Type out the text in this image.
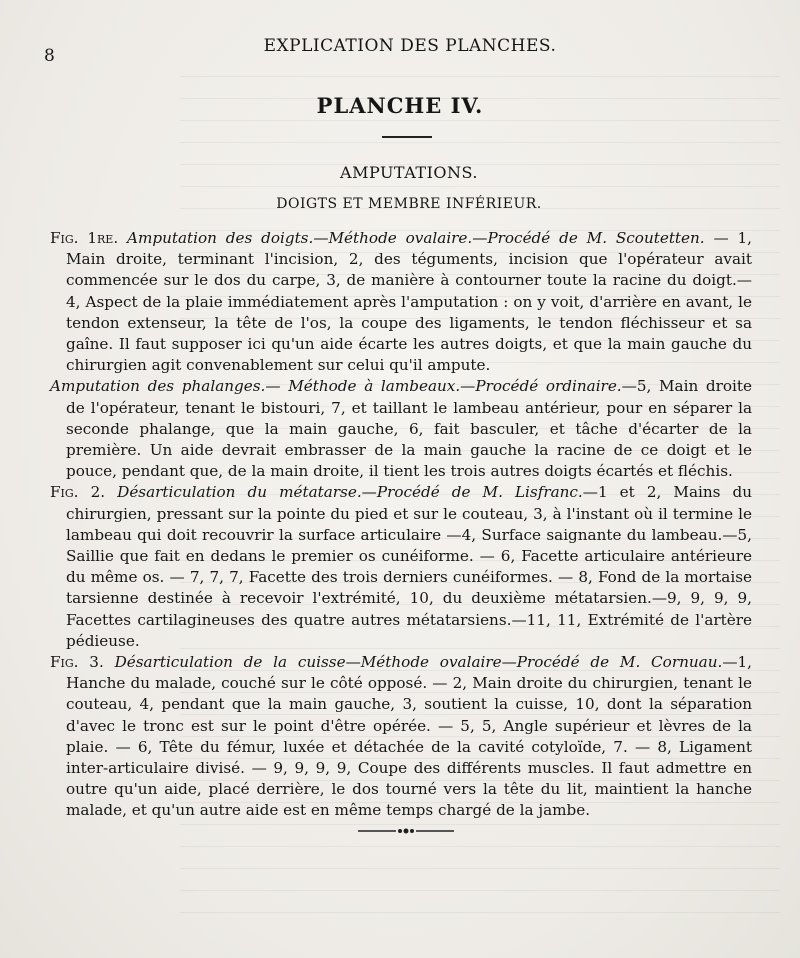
8	EXPLICATION DES PLANCHES.
PLANCHE IV.
AMPUTATIONS.
DOIGTS ET MEMBRE INFÉRIEUR.

Fig. 1re. Amputation des doigts.—Méthode ovalaire.—Procédé de M. Scoutetten. — 1, Main droite, terminant l'incision, 2, des téguments, incision que l'opérateur avait commencée sur le dos du carpe, 3, de manière à contourner toute la racine du doigt.— 4, Aspect de la plaie immédiatement après l'amputation : on y voit, d'arrière en avant, le tendon extenseur, la tête de l'os, la coupe des ligaments, le tendon fléchisseur et sa gaîne. Il faut supposer ici qu'un aide écarte les autres doigts, et que la main gauche du chirurgien agit convenablement sur celui qu'il ampute.

Amputation des phalanges.— Méthode à lambeaux.—Procédé ordinaire.—5, Main droite de l'opérateur, tenant le bistouri, 7, et taillant le lambeau antérieur, pour en séparer la seconde phalange, que la main gauche, 6, fait basculer, et tâche d'écarter de la première. Un aide devrait embrasser de la main gauche la racine de ce doigt et le pouce, pendant que, de la main droite, il tient les trois autres doigts écartés et fléchis.

Fig. 2. Désarticulation du métatarse.—Procédé de M. Lisfranc.—1 et 2, Mains du chirurgien, pressant sur la pointe du pied et sur le couteau, 3, à l'instant où il termine le lambeau qui doit recouvrir la surface articulaire —4, Surface saignante du lambeau.—5, Saillie que fait en dedans le premier os cunéiforme. — 6, Facette articulaire antérieure du même os. — 7, 7, 7, Facette des trois derniers cunéiformes. — 8, Fond de la mortaise tarsienne destinée à recevoir l'extrémité, 10, du deuxième métatarsien.—9, 9, 9, 9, Facettes cartilagineuses des quatre autres métatarsiens.—11, 11, Extrémité de l'artère pédieuse.

Fig. 3. Désarticulation de la cuisse—Méthode ovalaire—Procédé de M. Cornuau.—1, Hanche du malade, couché sur le côté opposé. — 2, Main droite du chirurgien, tenant le couteau, 4, pendant que la main gauche, 3, soutient la cuisse, 10, dont la séparation d'avec le tronc est sur le point d'être opérée. — 5, 5, Angle supérieur et lèvres de la plaie. — 6, Tête du fémur, luxée et détachée de la cavité cotyloïde, 7. — 8, Ligament inter-articulaire divisé. — 9, 9, 9, 9, Coupe des différents muscles. Il faut admettre en outre qu'un aide, placé derrière, le dos tourné vers la tête du lit, maintient la hanche malade, et qu'un autre aide est en même temps chargé de la jambe.
